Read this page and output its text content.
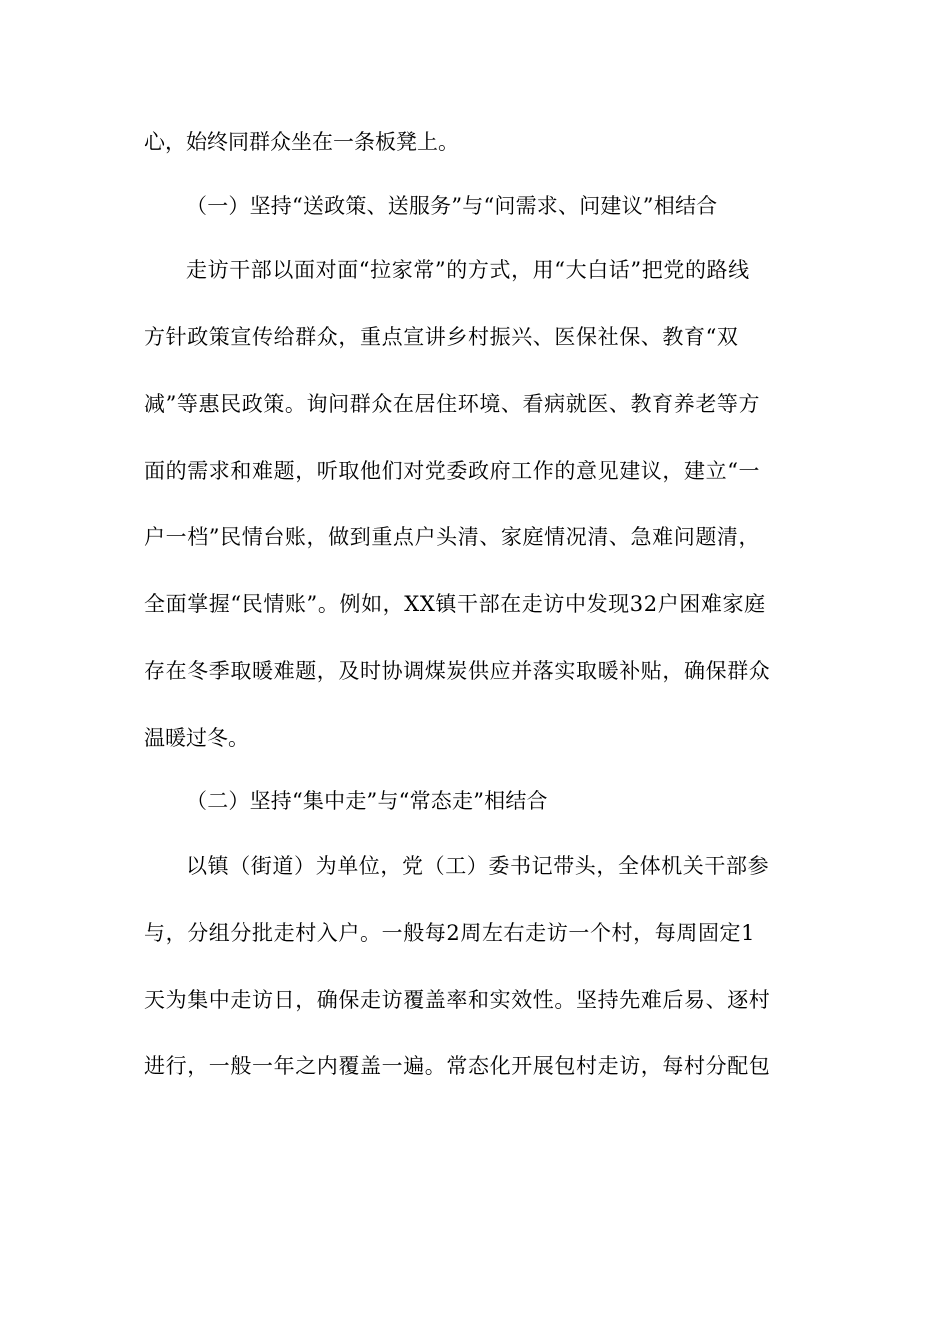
心，始终同群众坐在一条板凳上。
（一）坚持“送政策、送服务”与“问需求、问建议”相结合
走访干部以面对面“拉家常”的方式，用“大白话”把党的路线
方针政策宣传给群众，重点宣讲乡村振兴、医保社保、教育“双
减”等惠民政策。询问群众在居住环境、看病就医、教育养老等方
面的需求和难题，听取他们对党委政府工作的意见建议，建立“一
户一档”民情台账，做到重点户头清、家庭情况清、急难问题清，
全面掌握“民情账”。例如，XX镇干部在走访中发现32户困难家庭
存在冬季取暖难题，及时协调煤炭供应并落实取暖补贴，确保群众
温暖过冬。
（二）坚持“集中走”与“常态走”相结合
以镇（街道）为单位，党（工）委书记带头，全体机关干部参
与，分组分批走村入户。一般每2周左右走访一个村，每周固定1
天为集中走访日，确保走访覆盖率和实效性。坚持先难后易、逐村
进行，一般一年之内覆盖一遍。常态化开展包村走访，每村分配包
